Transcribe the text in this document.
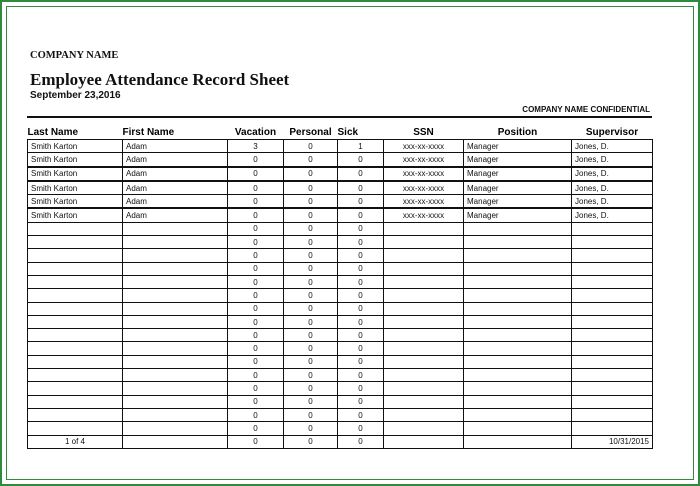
COMPANY NAME
Employee Attendance Record Sheet
September 23,2016
COMPANY NAME CONFIDENTIAL
Last Name	First Name	Vacation	Personal	Sick	SSN	Position	Supervisor
Smith Karton	Adam	3	0	1	xxx-xx-xxxx	Manager	Jones, D.
Smith Karton	Adam	0	0	0	xxx-xx-xxxx	Manager	Jones, D.
Smith Karton	Adam	0	0	0	xxx-xx-xxxx	Manager	Jones, D.
Smith Karton	Adam	0	0	0	xxx-xx-xxxx	Manager	Jones, D.
Smith Karton	Adam	0	0	0	xxx-xx-xxxx	Manager	Jones, D.
Smith Karton	Adam	0	0	0	xxx-xx-xxxx	Manager	Jones, D.
		0	0	0			
		0	0	0			
		0	0	0			
		0	0	0			
		0	0	0			
		0	0	0			
		0	0	0			
		0	0	0			
		0	0	0			
		0	0	0			
		0	0	0			
		0	0	0			
		0	0	0			
		0	0	0			
		0	0	0			
		0	0	0			
1 of 4		0	0	0			10/31/2015
